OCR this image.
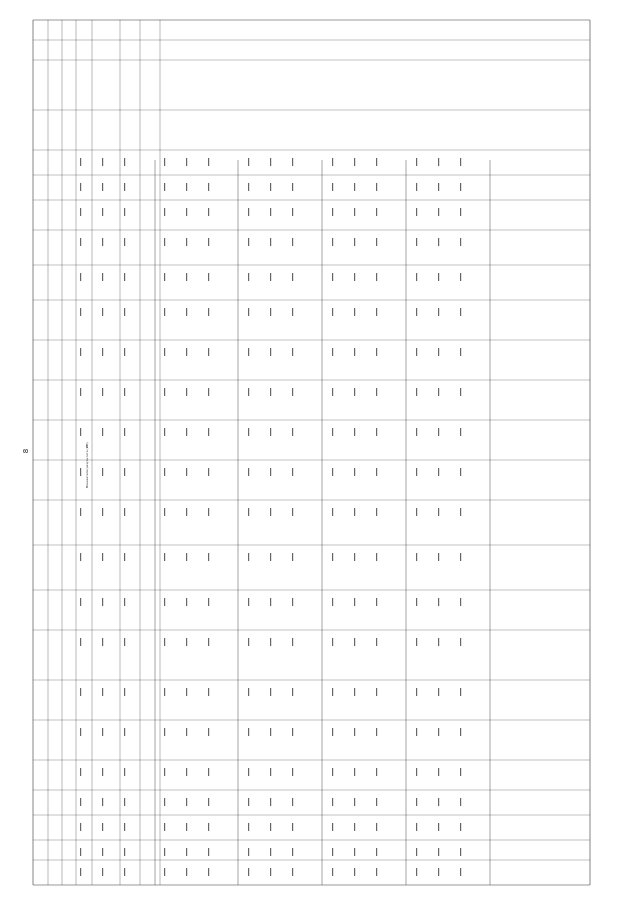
8	Показатели результата (ИМ)
